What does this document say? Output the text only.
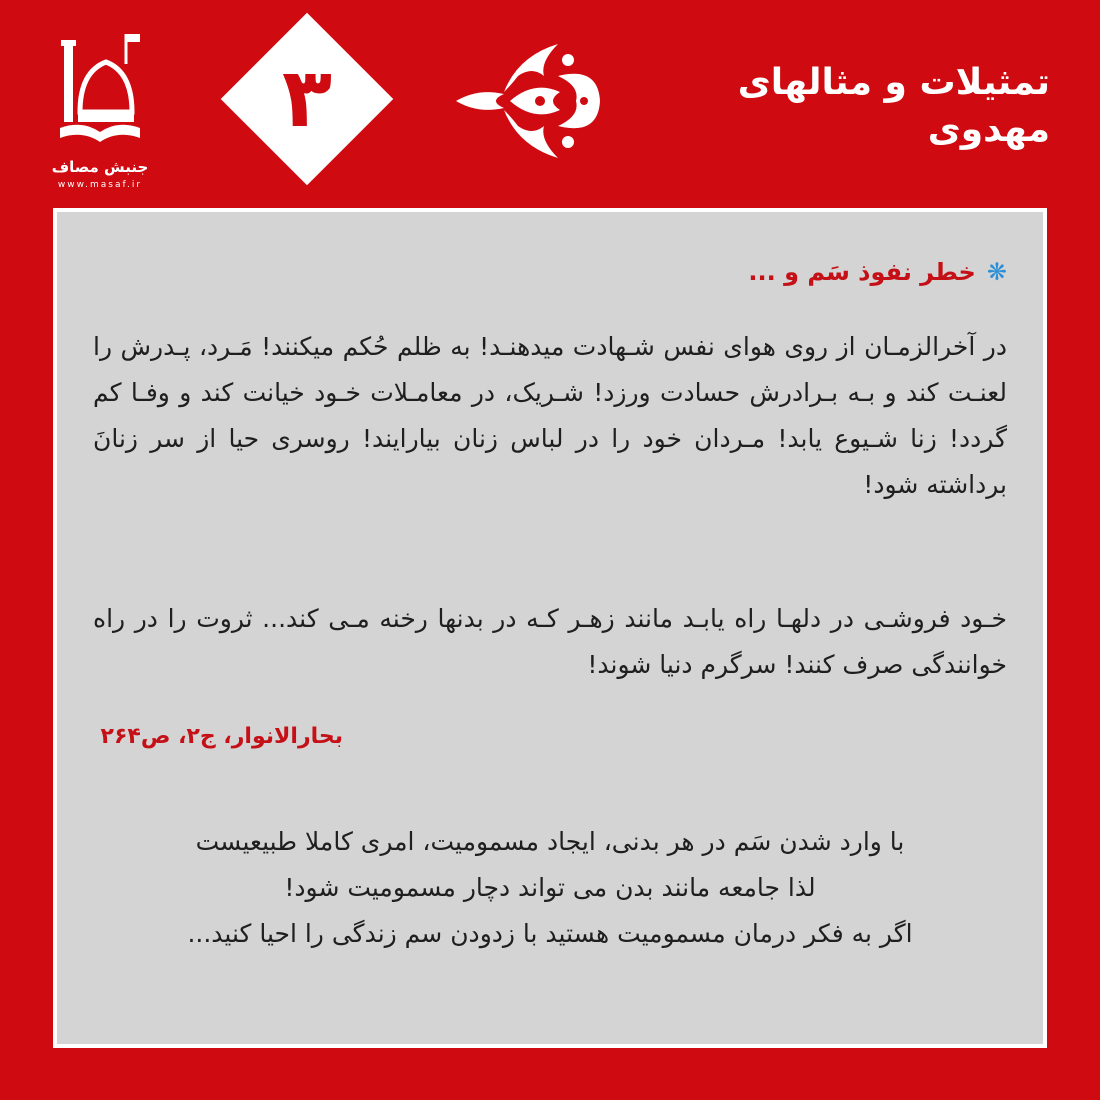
جنبش مصاف
www.masaf.ir
۳	تمثیلات و مثالهای مهدوی
❋ خطر نفوذ سَم و ...
در آخرالزمـان از روی هوای نفس شـهادت میدهنـد! به ظلم حُکم میکنند! مَـرد، پـدرش را لعنـت کند و بـه بـرادرش حسادت ورزد! شـریک، در معامـلات خـود خیانت کند و وفـا کم گردد! زنا شـیوع یابد! مـردان خود را در لباس زنان بیارایند! روسری حیا از سر زنانَ برداشته شود!
خـود فروشـی در دلهـا راه یابـد مانند زهـر کـه در بدنها رخنه مـی کند... ثروت را در راه خوانندگی صرف کنند! سرگرم دنیا شوند!
بحارالانوار، ج۲، ص۲۶۴
با وارد شدن سَم در هر بدنی، ایجاد مسمومیت، امری کاملا طبیعیست
لذا جامعه مانند بدن می تواند دچار مسمومیت شود!
اگر به فکر درمان مسمومیت هستید با زدودن سم زندگی را احیا کنید...
